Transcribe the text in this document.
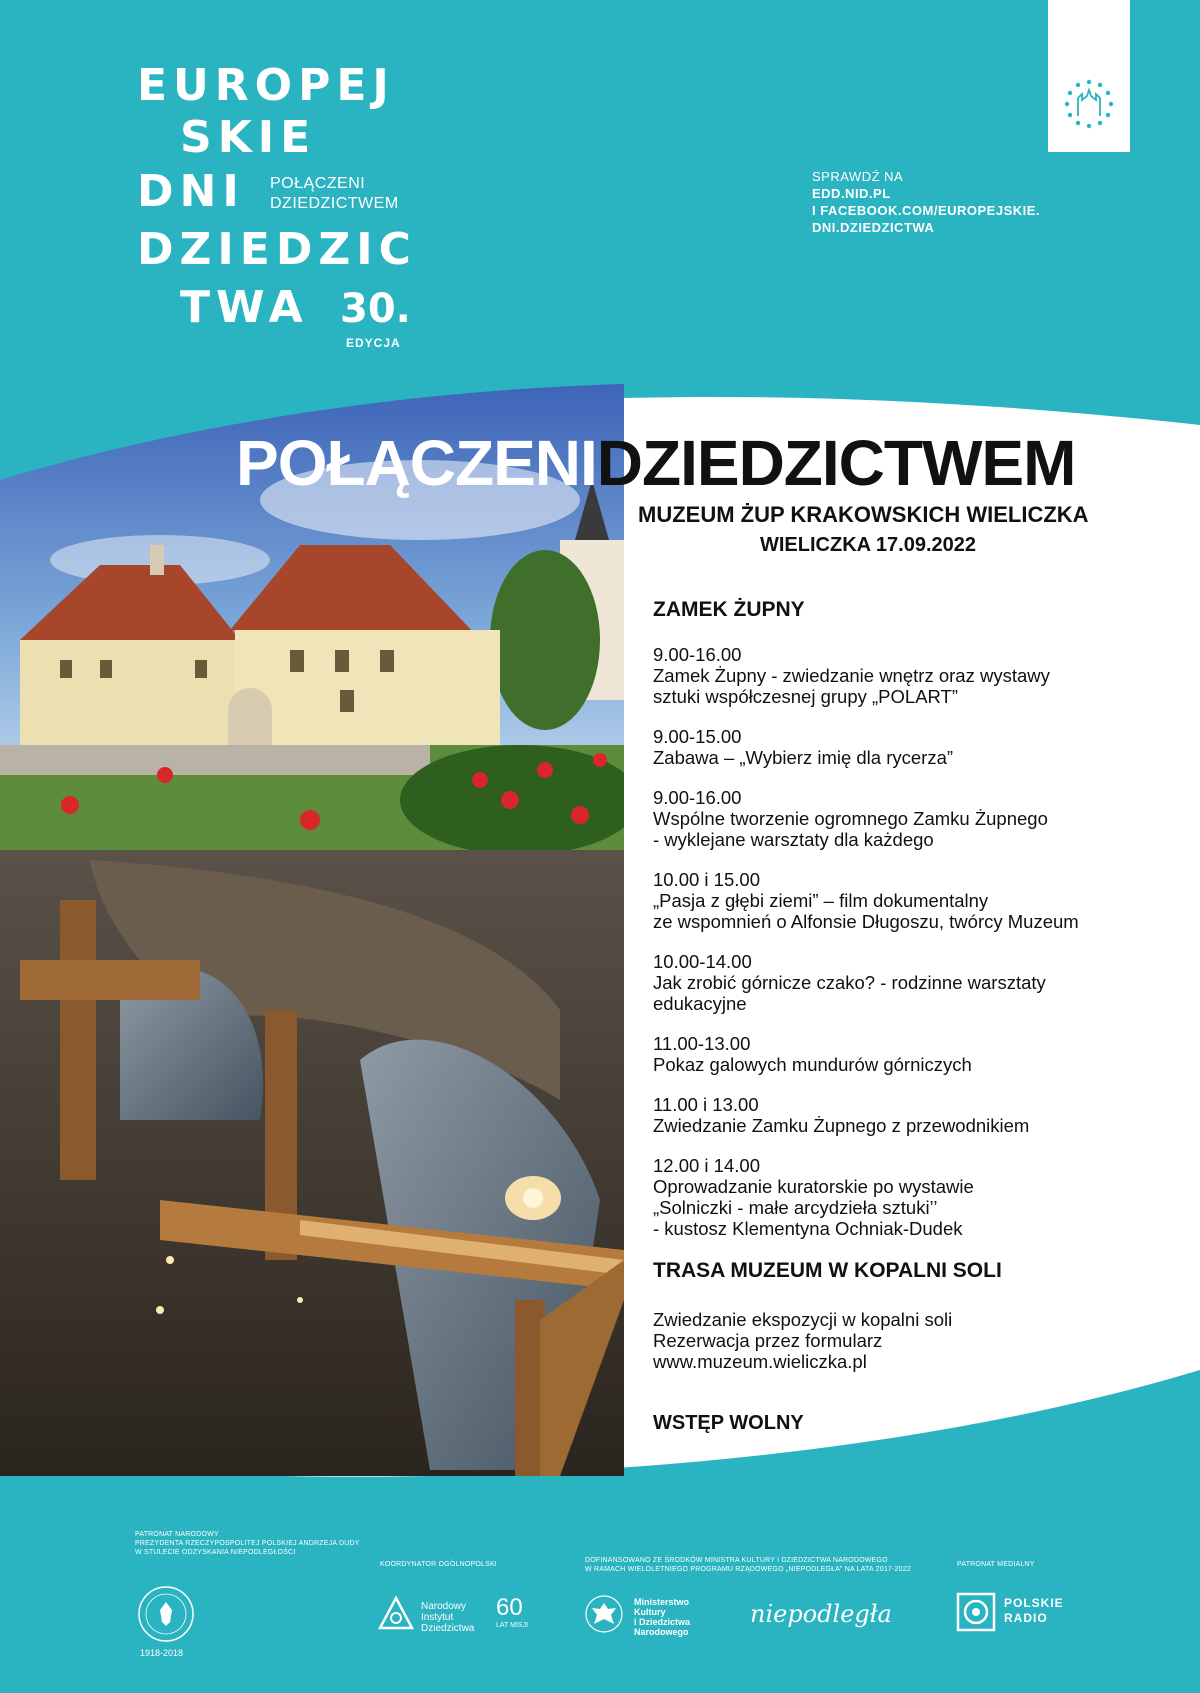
EUROPEJ
SKIE
DNI POŁĄCZENI
DZIEDZICTWEM
DZIEDZIC
TWA 30.
EDYCJA
SPRAWDŹ NA
EDD.NID.PL
I FACEBOOK.COM/EUROPEJSKIE.
DNI.DZIEDZICTWA
POŁĄCZENIDZIEDZICTWEM
MUZEUM ŻUP KRAKOWSKICH WIELICZKA
WIELICZKA 17.09.2022
ZAMEK ŻUPNY
9.00-16.00
Zamek Żupny - zwiedzanie wnętrz oraz wystawy
sztuki współczesnej grupy „POLART”
9.00-15.00
Zabawa – „Wybierz imię dla rycerza”
9.00-16.00
Wspólne tworzenie ogromnego Zamku Żupnego
- wyklejane warsztaty dla każdego
10.00 i 15.00
„Pasja z głębi ziemi” – film dokumentalny
ze wspomnień o Alfonsie Długoszu, twórcy Muzeum
10.00-14.00
Jak zrobić górnicze czako? - rodzinne warsztaty
edukacyjne
11.00-13.00
Pokaz galowych mundurów górniczych
11.00 i 13.00
Zwiedzanie Zamku Żupnego z przewodnikiem
12.00 i 14.00
Oprowadzanie kuratorskie po wystawie
„Solniczki - małe arcydzieła sztuki’’
- kustosz Klementyna Ochniak-Dudek
TRASA MUZEUM W KOPALNI SOLI
Zwiedzanie ekspozycji w kopalni soli
Rezerwacja przez formularz
www.muzeum.wieliczka.pl
WSTĘP WOLNY
PATRONAT NARODOWY
PREZYDENTA RZECZYPOSPOLITEJ POLSKIEJ ANDRZEJA DUDY
W STULECIE ODZYSKANIA NIEPODLEGŁOŚCI
1918-2018
KOORDYNATOR OGÓLNOPOLSKI
Narodowy
Instytut
Dziedzictwa
60
LAT MISJI
DOFINANSOWANO ZE ŚRODKÓW MINISTRA KULTURY I DZIEDZICTWA NARODOWEGO
W RAMACH WIELOLETNIEGO PROGRAMU RZĄDOWEGO „NIEPODLEGŁA” NA LATA 2017-2022
Ministerstwo
Kultury
i Dziedzictwa
Narodowego
niepodległa
PATRONAT MEDIALNY
POLSKIE
RADIO
